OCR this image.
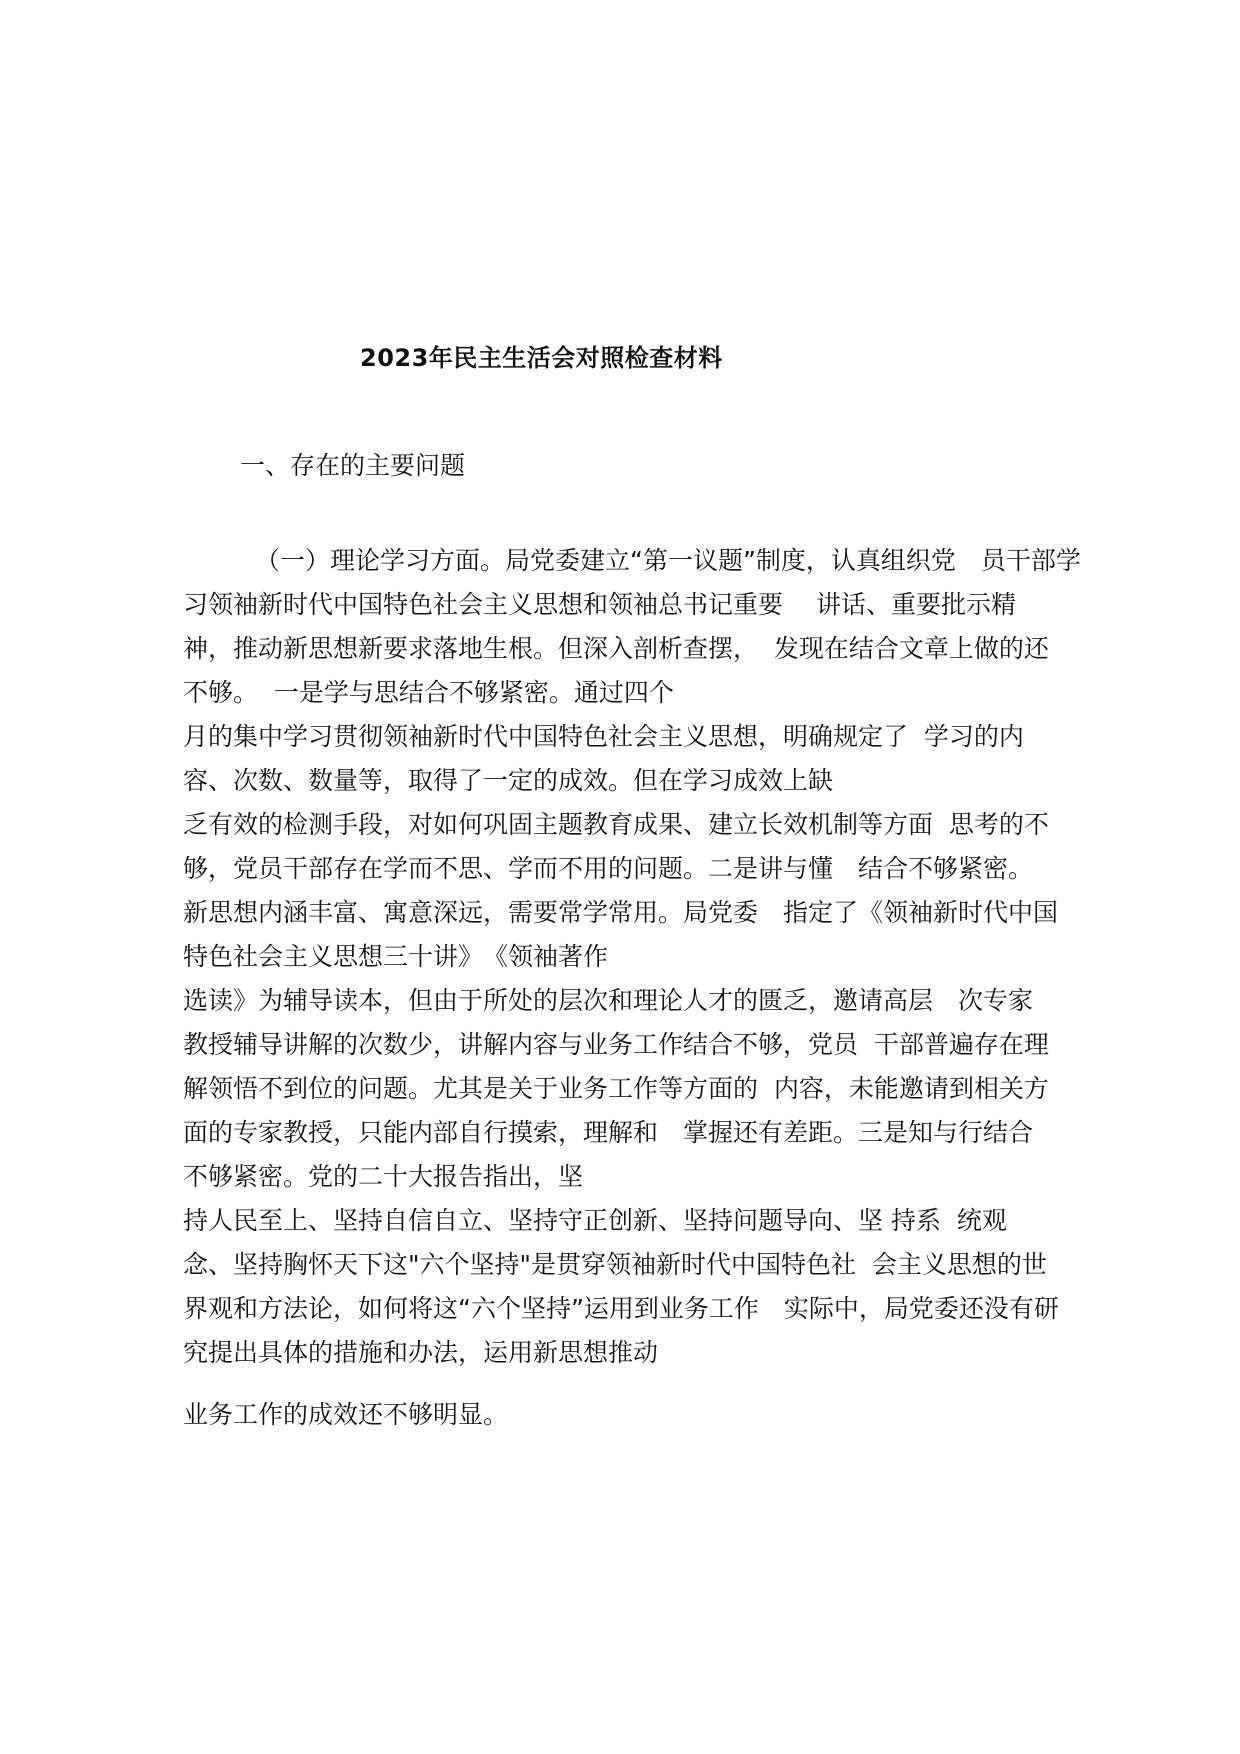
2023年民主生活会对照检查材料
一、存在的主要问题
（一）理论学习方面。局党委建立“第一议题”制度，认真组织党　员干部学
习领袖新时代中国特色社会主义思想和领袖总书记重要　 讲话、重要批示精
神，推动新思想新要求落地生根。但深入剖析查摆，  发现在结合文章上做的还
不够。  一是学与思结合不够紧密。通过四个
月的集中学习贯彻领袖新时代中国特色社会主义思想，明确规定了  学习的内
容、次数、数量等，取得了一定的成效。但在学习成效上缺
乏有效的检测手段，对如何巩固主题教育成果、建立长效机制等方面  思考的不
够，党员干部存在学而不思、学而不用的问题。二是讲与懂　结合不够紧密。
新思想内涵丰富、寓意深远，需要常学常用。局党委　指定了《领袖新时代中国
特色社会主义思想三十讲》　《领袖著作
选读》为辅导读本，但由于所处的层次和理论人才的匮乏，邀请高层　次专家
教授辅导讲解的次数少，讲解内容与业务工作结合不够，党员  干部普遍存在理
解领悟不到位的问题。尤其是关于业务工作等方面的  内容，未能邀请到相关方
面的专家教授，只能内部自行摸索，理解和　掌握还有差距。三是知与行结合
不够紧密。党的二十大报告指出，坚
持人民至上、坚持自信自立、坚持守正创新、坚持问题导向、坚 持系  统观
念、坚持胸怀天下这"六个坚持"是贯穿领袖新时代中国特色社  会主义思想的世
界观和方法论，如何将这“六个坚持”运用到业务工作　实际中，局党委还没有研
究提出具体的措施和办法，运用新思想推动
业务工作的成效还不够明显。
